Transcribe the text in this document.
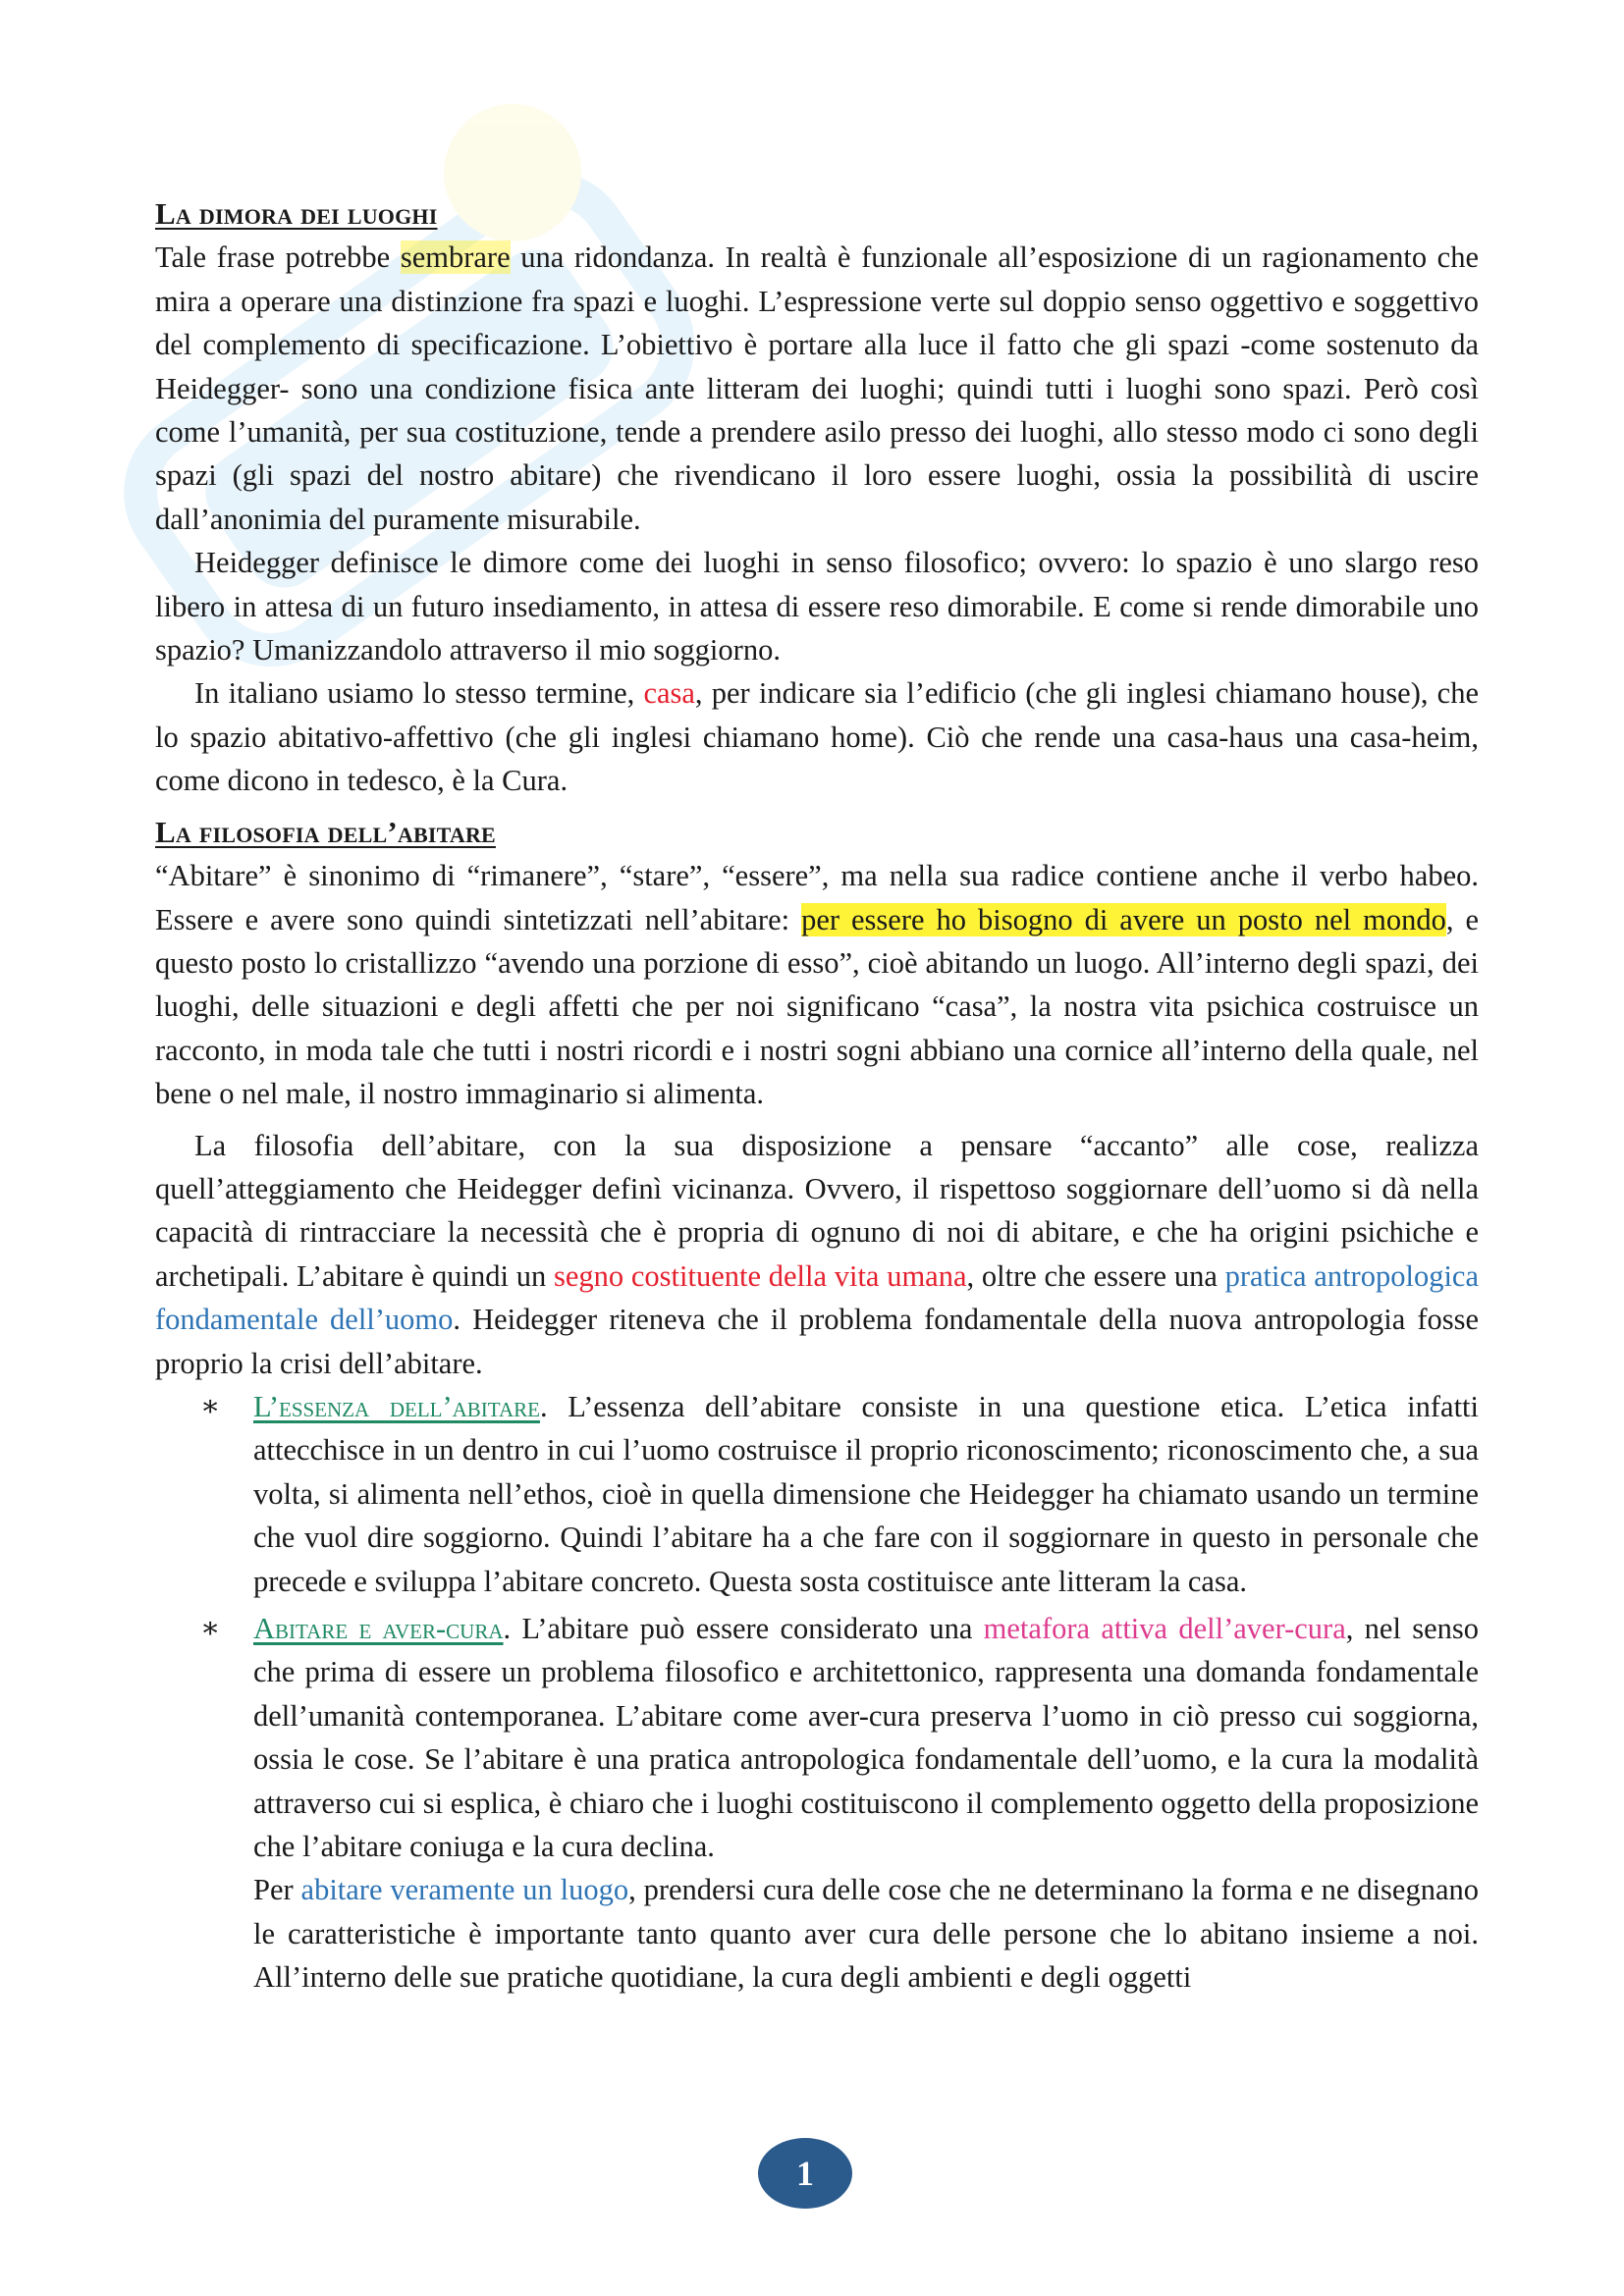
La dimora dei luoghi

Tale frase potrebbe sembrare una ridondanza. In realtà è funzionale all’esposizione di un ragionamento che mira a operare una distinzione fra spazi e luoghi. L’espressione verte sul doppio senso oggettivo e soggettivo del complemento di specificazione. L’obiettivo è portare alla luce il fatto che gli spazi -come sostenuto da Heidegger- sono una condizione fisica ante litteram dei luoghi; quindi tutti i luoghi sono spazi. Però così come l’umanità, per sua costituzione, tende a prendere asilo presso dei luoghi, allo stesso modo ci sono degli spazi (gli spazi del nostro abitare) che rivendicano il loro essere luoghi, ossia la possibilità di uscire dall’anonimia del puramente misurabile.

Heidegger definisce le dimore come dei luoghi in senso filosofico; ovvero: lo spazio è uno slargo reso libero in attesa di un futuro insediamento, in attesa di essere reso dimorabile. E come si rende dimorabile uno spazio? Umanizzandolo attraverso il mio soggiorno.

In italiano usiamo lo stesso termine, casa, per indicare sia l’edificio (che gli inglesi chiamano house), che lo spazio abitativo-affettivo (che gli inglesi chiamano home). Ciò che rende una casa-haus una casa-heim, come dicono in tedesco, è la Cura.

La filosofia dell’abitare

“Abitare” è sinonimo di “rimanere”, “stare”, “essere”, ma nella sua radice contiene anche il verbo habeo. Essere e avere sono quindi sintetizzati nell’abitare: per essere ho bisogno di avere un posto nel mondo, e questo posto lo cristallizzo “avendo una porzione di esso”, cioè abitando un luogo. All’interno degli spazi, dei luoghi, delle situazioni e degli affetti che per noi significano “casa”, la nostra vita psichica costruisce un racconto, in moda tale che tutti i nostri ricordi e i nostri sogni abbiano una cornice all’interno della quale, nel bene o nel male, il nostro immaginario si alimenta.

La filosofia dell’abitare, con la sua disposizione a pensare “accanto” alle cose, realizza quell’atteggiamento che Heidegger definì vicinanza. Ovvero, il rispettoso soggiornare dell’uomo si dà nella capacità di rintracciare la necessità che è propria di ognuno di noi di abitare, e che ha origini psichiche e archetipali. L’abitare è quindi un segno costituente della vita umana, oltre che essere una pratica antropologica fondamentale dell’uomo. Heidegger riteneva che il problema fondamentale della nuova antropologia fosse proprio la crisi dell’abitare.

∗ L’essenza dell’abitare. L’essenza dell’abitare consiste in una questione etica. L’etica infatti attecchisce in un dentro in cui l’uomo costruisce il proprio riconoscimento; riconoscimento che, a sua volta, si alimenta nell’ethos, cioè in quella dimensione che Heidegger ha chiamato usando un termine che vuol dire soggiorno. Quindi l’abitare ha a che fare con il soggiornare in questo in personale che precede e sviluppa l’abitare concreto. Questa sosta costituisce ante litteram la casa.

∗ Abitare e aver-cura. L’abitare può essere considerato una metafora attiva dell’aver-cura, nel senso che prima di essere un problema filosofico e architettonico, rappresenta una domanda fondamentale dell’umanità contemporanea. L’abitare come aver-cura preserva l’uomo in ciò presso cui soggiorna, ossia le cose. Se l’abitare è una pratica antropologica fondamentale dell’uomo, e la cura la modalità attraverso cui si esplica, è chiaro che i luoghi costituiscono il complemento oggetto della proposizione che l’abitare coniuga e la cura declina.

Per abitare veramente un luogo, prendersi cura delle cose che ne determinano la forma e ne disegnano le caratteristiche è importante tanto quanto aver cura delle persone che lo abitano insieme a noi. All’interno delle sue pratiche quotidiane, la cura degli ambienti e degli oggetti

1
